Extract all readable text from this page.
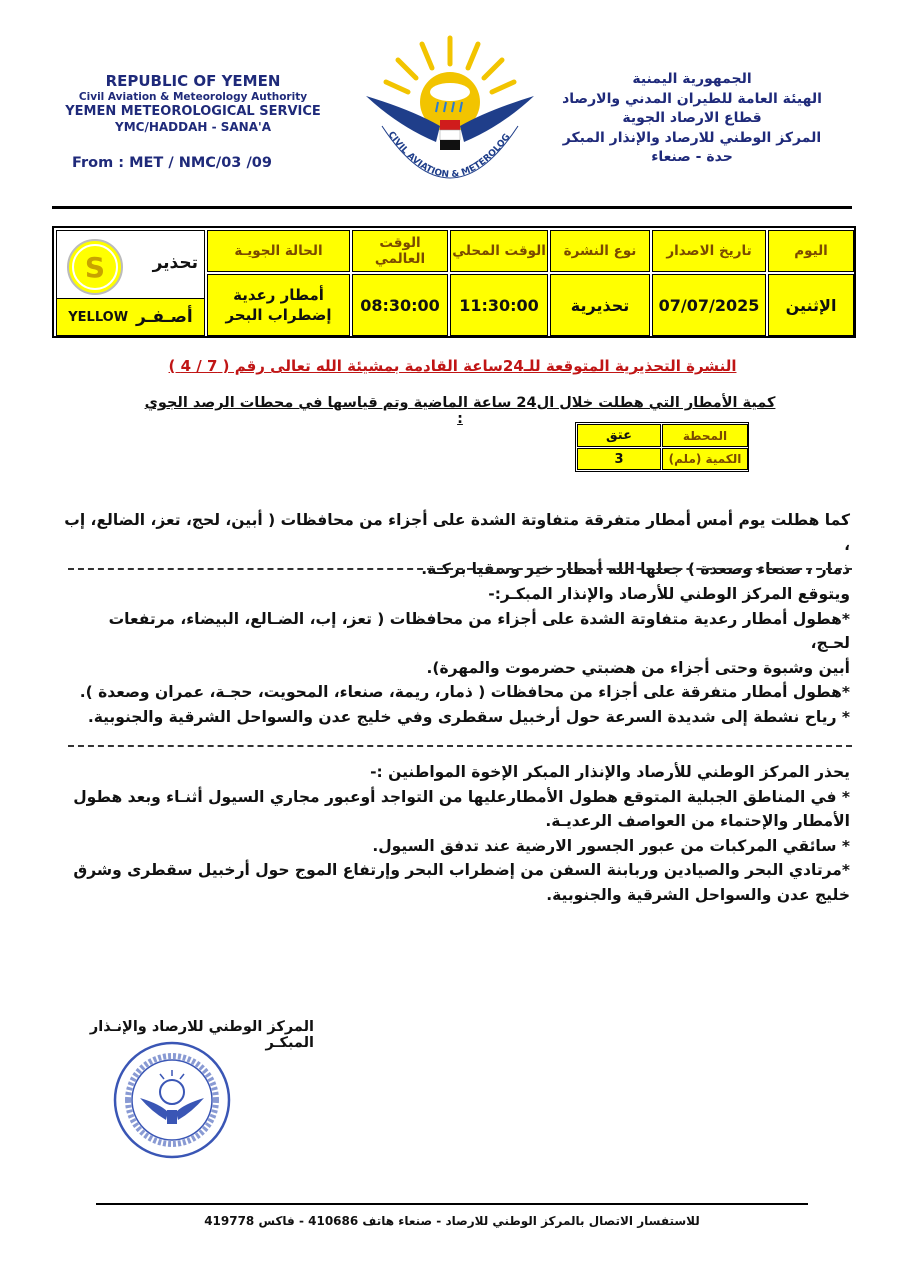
REPUBLIC OF YEMEN
Civil Aviation & Meteorology Authority
YEMEN METEOROLOGICAL SERVICE
YMC/HADDAH - SANA'A
From : MET / NMC/03 /09
الجمهورية اليمنية
الهيئة العامة للطيران المدني والارصاد
قطاع الارصاد الجوية
المركز الوطني للارصاد والإنذار المبكر
حدة - صنعاء
CIVIL AVIATION & METEROLOG
اليوم
تاريخ الاصدار
نوع النشرة
الوقت المحلي
الوقت العالمي
الحالة الجويـة
الإثنين
07/07/2025
تحذيرية
11:30:00
08:30:00
أمطار رعدية
إضطراب البحر
S	تحذير
YELLOW أصـفـر
النشرة التحذيرية المتوقعة للـ24ساعة القادمة بمشيئة الله تعالى رقم ( 7 / 4 )
كمية الأمطار التي هطلت خلال ال24 ساعة الماضية وتم قياسها في محطات الرصد الجوي :
المحطة
عتق
الكمية (ملم)
3

كما هطلت يوم أمس أمطار متفرقة متفاوتة الشدة على أجزاء من محافظات ( أبين، لحج، تعز، الضالع، إب ،

ذمار ، صنعاء وصعدة ) جعلها الله أمطار خير وسقيا بركـة.

ويتوقع المركز الوطني للأرصاد والإنذار المبكـر:-

*هطول أمطار رعدية متفاوتة الشدة على أجزاء من محافظات ( تعز، إب، الضـالع، البيضاء، مرتفعات لحـج،

أبين وشبوة وحتى أجزاء من هضبتي حضرموت والمهرة).

*هطول أمطار متفرقة على أجزاء من محافظات ( ذمار، ريمة، صنعاء، المحويت، حجـة، عمران وصعدة ).

* رياح نشطة إلى شديدة السرعة حول أرخبيل سقطرى وفي خليج عدن والسواحل الشرقية والجنوبية.

يحذر المركز الوطني للأرصاد والإنذار المبكر الإخوة المواطنين :-

* في المناطق الجبلية المتوقع هطول الأمطارعليها من التواجد أوعبور مجاري السيول أثنـاء وبعد هطول

الأمطار والإحتماء من العواصف الرعديـة.

* سائقي المركبات من عبور الجسور الارضية عند تدفق السيول.

*مرتادي البحر والصيادين وربابنة السفن من إضطراب البحر وإرتفاع الموج حول أرخبيل سقطرى وشرق

خليج عدن والسواحل الشرقية والجنوبية.

المركز الوطني للارصاد والإنـذار المبكـر
للاستفسار الاتصال بالمركز الوطني للارصاد - صنعاء هاتف 410686 - فاكس 419778
